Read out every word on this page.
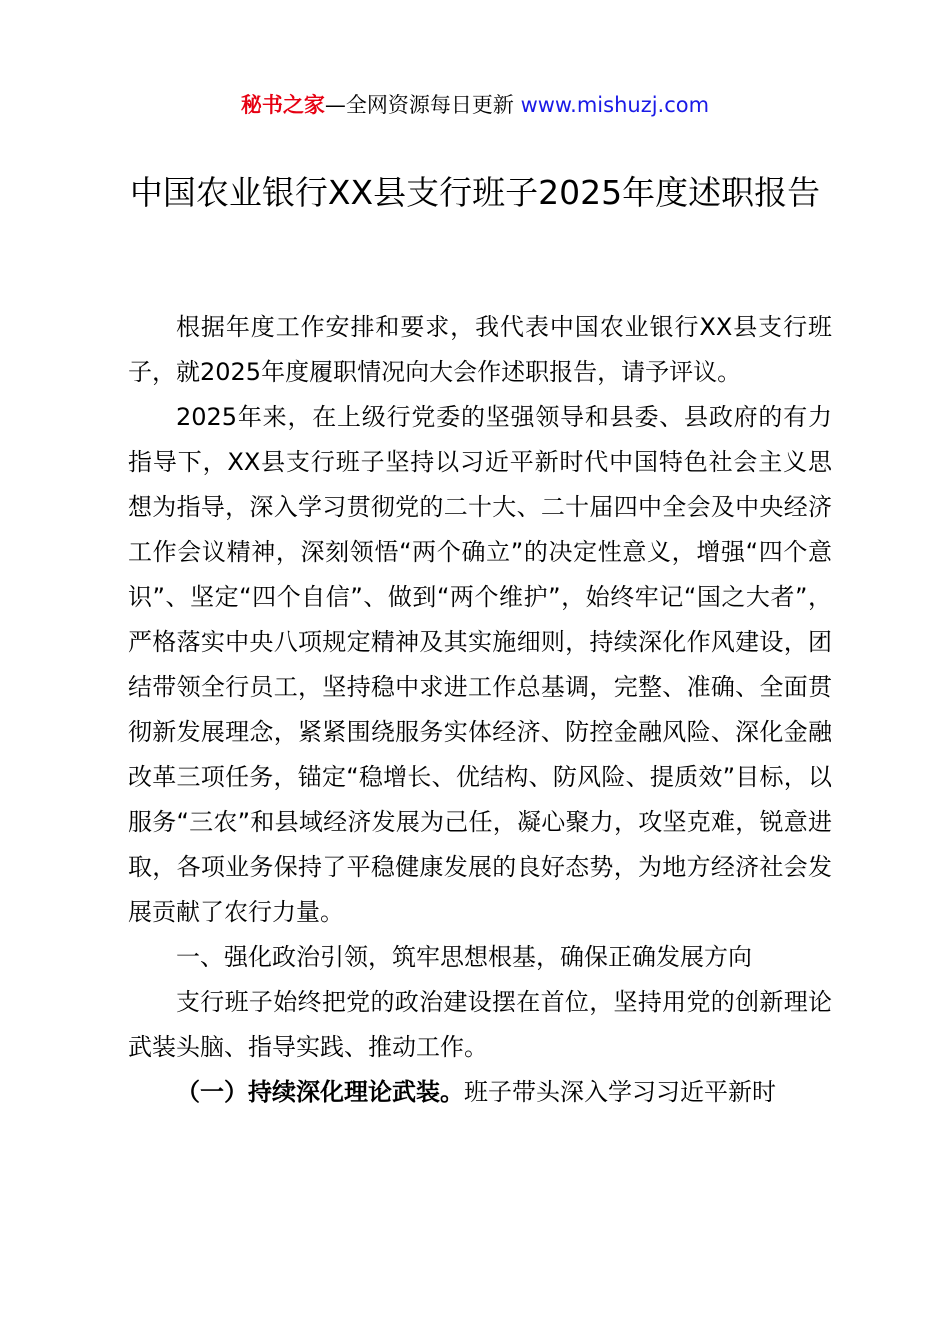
秘书之家—全网资源每日更新 www.mishuzj.com
中国农业银行XX县支行班子2025年度述职报告

根据年度工作安排和要求，我代表中国农业银行XX县支行班子，就2025年度履职情况向大会作述职报告，请予评议。

2025年来，在上级行党委的坚强领导和县委、县政府的有力指导下，XX县支行班子坚持以习近平新时代中国特色社会主义思想为指导，深入学习贯彻党的二十大、二十届四中全会及中央经济工作会议精神，深刻领悟“两个确立”的决定性意义，增强“四个意识”、坚定“四个自信”、做到“两个维护”，始终牢记“国之大者”，严格落实中央八项规定精神及其实施细则，持续深化作风建设，团结带领全行员工，坚持稳中求进工作总基调，完整、准确、全面贯彻新发展理念，紧紧围绕服务实体经济、防控金融风险、深化金融改革三项任务，锚定“稳增长、优结构、防风险、提质效”目标，以服务“三农”和县域经济发展为己任，凝心聚力，攻坚克难，锐意进取，各项业务保持了平稳健康发展的良好态势，为地方经济社会发展贡献了农行力量。

一、强化政治引领，筑牢思想根基，确保正确发展方向

支行班子始终把党的政治建设摆在首位，坚持用党的创新理论武装头脑、指导实践、推动工作。

（一）持续深化理论武装。班子带头深入学习习近平新时
